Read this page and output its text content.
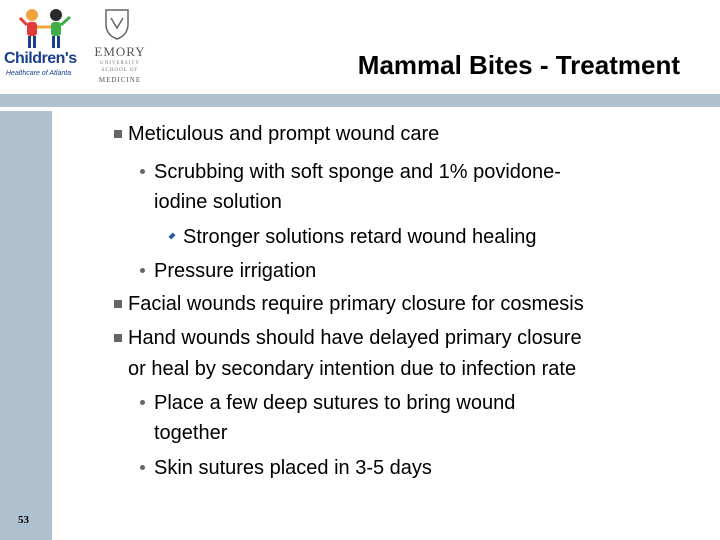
Children's
Healthcare of Atlanta
EMORY
UNIVERSITY
SCHOOL OF
MEDICINE	Mammal Bites - Treatment
Meticulous and prompt wound care
Scrubbing with soft sponge and 1% povidone-
iodine solution
Stronger solutions retard wound healing
Pressure irrigation
Facial wounds require primary closure for cosmesis
Hand wounds should have delayed primary closure
or heal by secondary intention due to infection rate
Place a few deep sutures to bring wound
together
Skin sutures placed in 3-5 days
53
